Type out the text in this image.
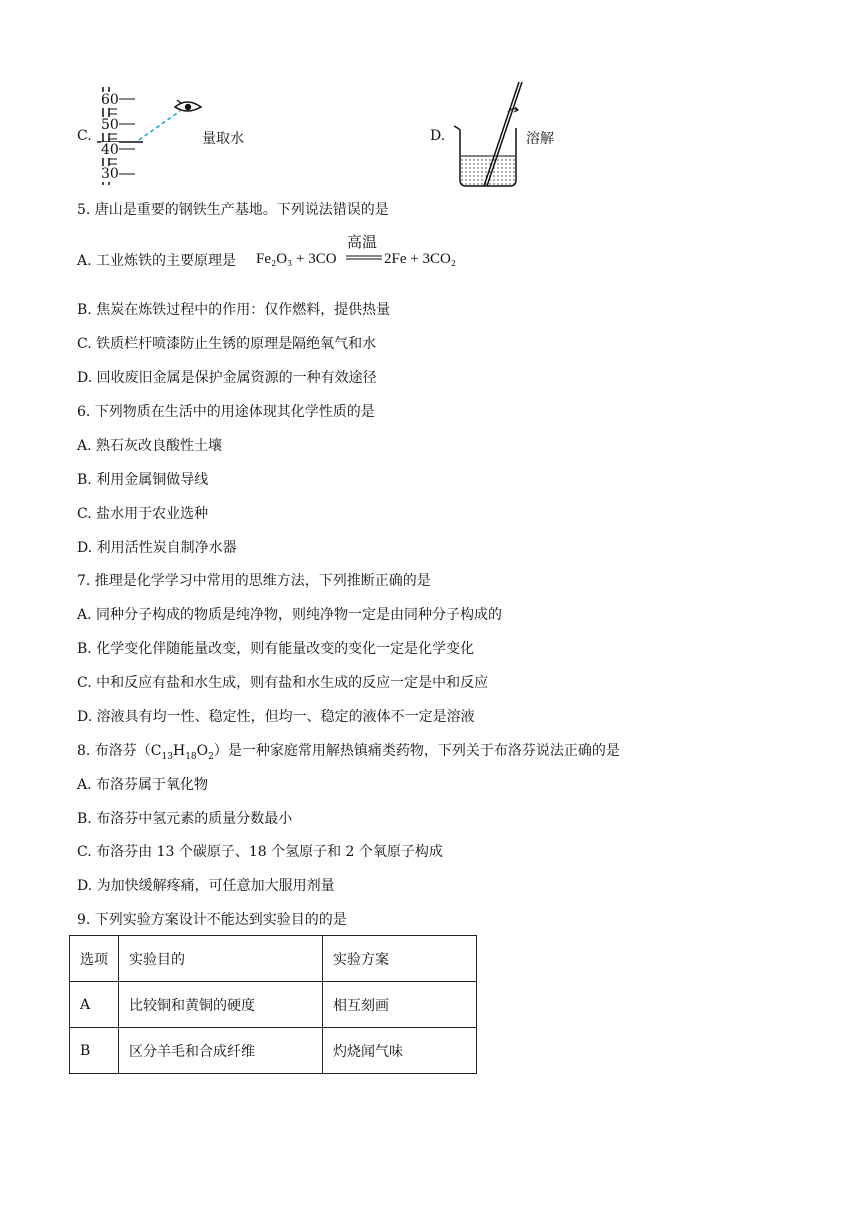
C.
60
50
40
30
量取水	D.	溶解
5. 唐山是重要的钢铁生产基地。下列说法错误的是
A. 工业炼铁的主要原理是 Fe₂O₃ + 3CO
高温
2Fe + 3CO₂
B. 焦炭在炼铁过程中的作用：仅作燃料，提供热量
C. 铁质栏杆喷漆防止生锈的原理是隔绝氧气和水
D. 回收废旧金属是保护金属资源的一种有效途径
6. 下列物质在生活中的用途体现其化学性质的是
A. 熟石灰改良酸性土壤
B. 利用金属铜做导线
C. 盐水用于农业选种
D. 利用活性炭自制净水器
7. 推理是化学学习中常用的思维方法，下列推断正确的是
A. 同种分子构成的物质是纯净物，则纯净物一定是由同种分子构成的
B. 化学变化伴随能量改变，则有能量改变的变化一定是化学变化
C. 中和反应有盐和水生成，则有盐和水生成的反应一定是中和反应
D. 溶液具有均一性、稳定性，但均一、稳定的液体不一定是溶液
8. 布洛芬$(C_{13}H_{18}O_2)$是一种家庭常用解热镇痛类药物，下列关于布洛芬说法正确的是
A. 布洛芬属于氧化物
B. 布洛芬中氢元素的质量分数最小
C. 布洛芬由 13 个碳原子、18 个氢原子和 2 个氧原子构成
D. 为加快缓解疼痛，可任意加大服用剂量
9. 下列实验方案设计不能达到实验目的的是
选项	实验目的	实验方案
A	比较铜和黄铜的硬度	相互刻画
B	区分羊毛和合成纤维	灼烧闻气味
